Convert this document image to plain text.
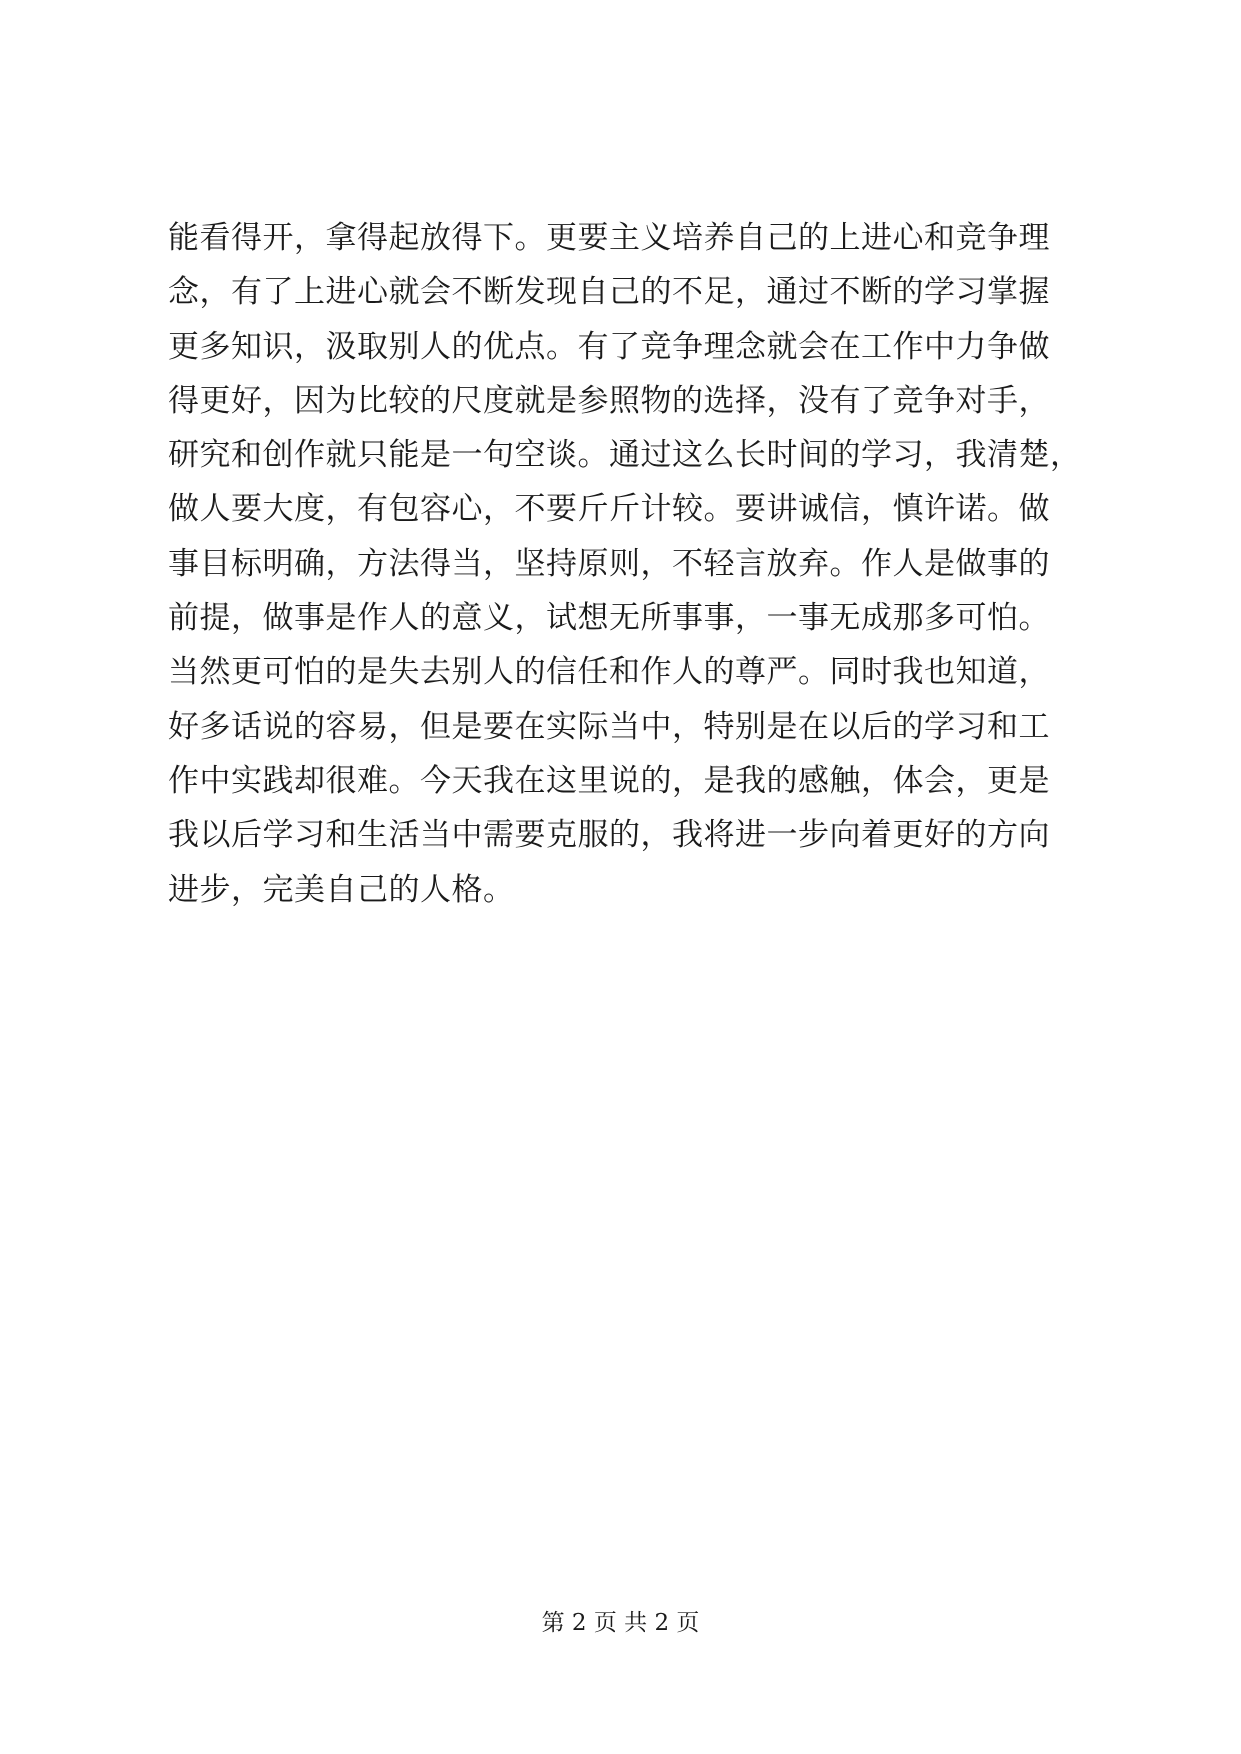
能看得开，拿得起放得下。更要主义培养自己的上进心和竞争理
念，有了上进心就会不断发现自己的不足，通过不断的学习掌握
更多知识，汲取别人的优点。有了竞争理念就会在工作中力争做
得更好，因为比较的尺度就是参照物的选择，没有了竞争对手，
研究和创作就只能是一句空谈。通过这么长时间的学习，我清楚，
做人要大度，有包容心，不要斤斤计较。要讲诚信，慎许诺。做
事目标明确，方法得当，坚持原则，不轻言放弃。作人是做事的
前提，做事是作人的意义，试想无所事事，一事无成那多可怕。
当然更可怕的是失去别人的信任和作人的尊严。同时我也知道，
好多话说的容易，但是要在实际当中，特别是在以后的学习和工
作中实践却很难。今天我在这里说的，是我的感触，体会，更是
我以后学习和生活当中需要克服的，我将进一步向着更好的方向
进步，完美自己的人格。
第 2 页 共 2 页
